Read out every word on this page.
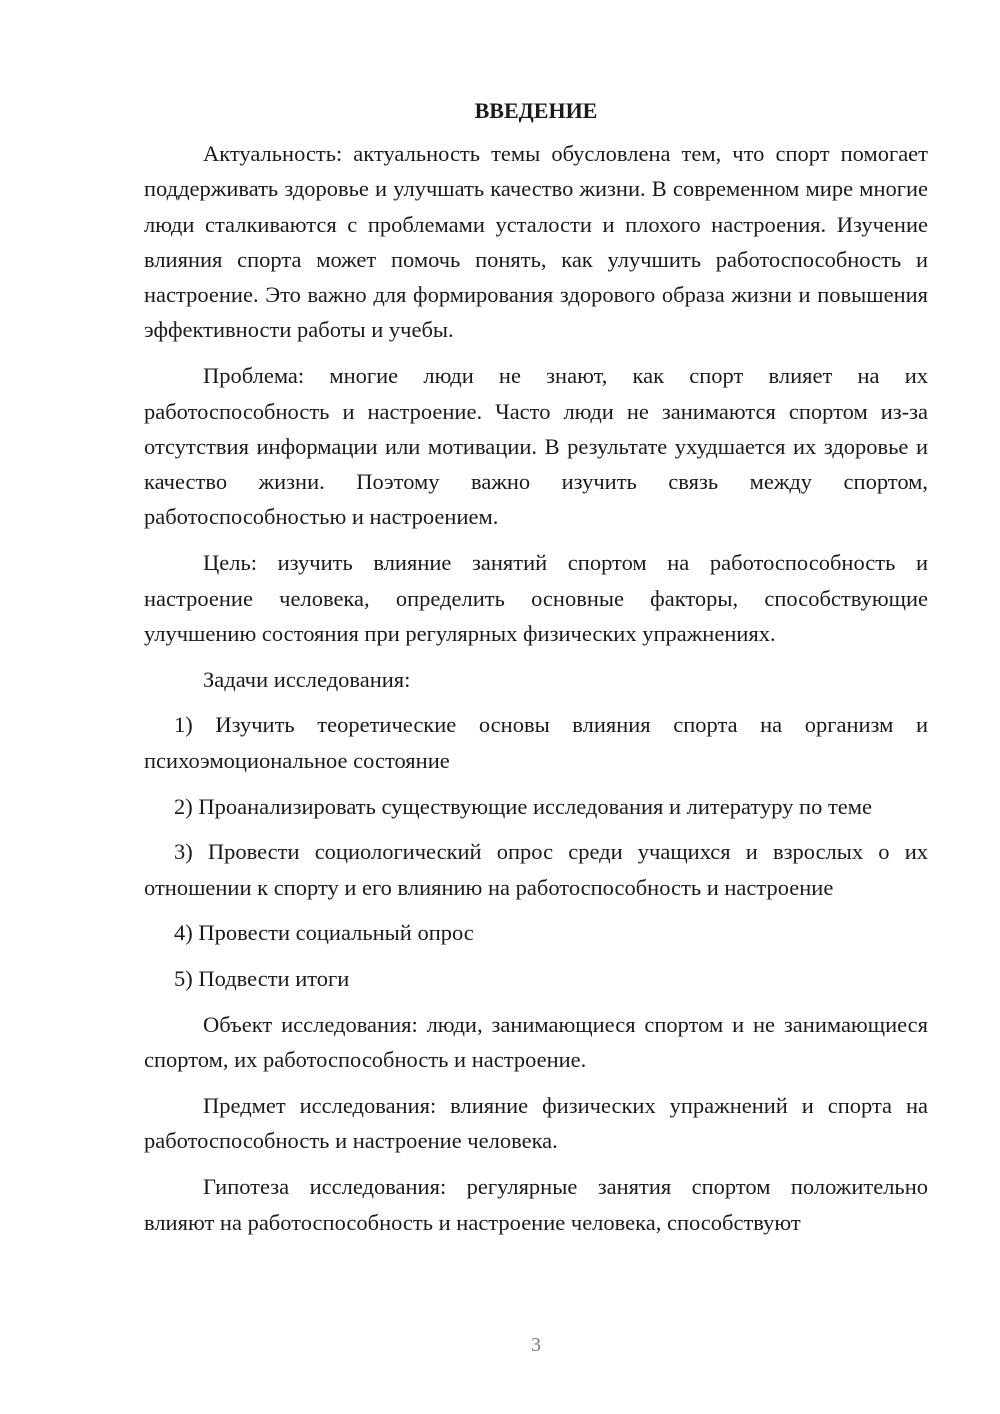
ВВЕДЕНИЕ

Актуальность: актуальность темы обусловлена тем, что спорт помогает поддерживать здоровье и улучшать качество жизни. В современном мире многие люди сталкиваются с проблемами усталости и плохого настроения. Изучение влияния спорта может помочь понять, как улучшить работоспособность и настроение. Это важно для формирования здорового образа жизни и повышения эффективности работы и учебы.

Проблема: многие люди не знают, как спорт влияет на их работоспособность и настроение. Часто люди не занимаются спортом из-за отсутствия информации или мотивации. В результате ухудшается их здоровье и качество жизни. Поэтому важно изучить связь между спортом, работоспособностью и настроением.

Цель: изучить влияние занятий спортом на работоспособность и настроение человека, определить основные факторы, способствующие улучшению состояния при регулярных физических упражнениях.

Задачи исследования:

1) Изучить теоретические основы влияния спорта на организм и психоэмоциональное состояние

2) Проанализировать существующие исследования и литературу по теме

3) Провести социологический опрос среди учащихся и взрослых о их отношении к спорту и его влиянию на работоспособность и настроение

4) Провести социальный опрос

5) Подвести итоги

Объект исследования: люди, занимающиеся спортом и не занимающиеся спортом, их работоспособность и настроение.

Предмет исследования: влияние физических упражнений и спорта на работоспособность и настроение человека.

Гипотеза исследования: регулярные занятия спортом положительно влияют на работоспособность и настроение человека, способствуют

3
